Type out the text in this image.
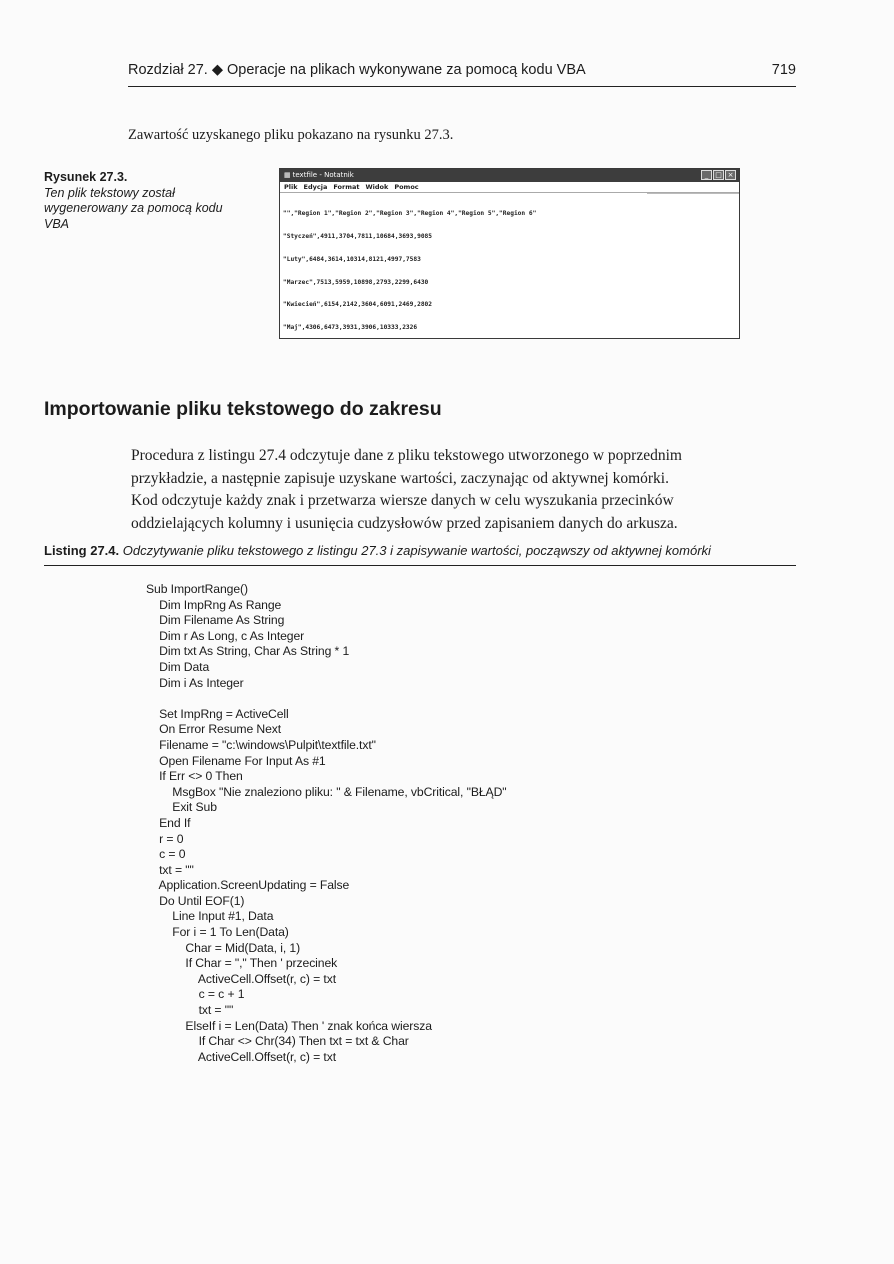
Rozdział 27. ◆ Operacje na plikach wykonywane za pomocą kodu VBA	719
Zawartość uzyskanego pliku pokazano na rysunku 27.3.
Rysunek 27.3.
Ten plik tekstowy został wygenerowany za pomocą kodu VBA
▦ textfile - Notatnik	_ □ ×
Plik Edycja Format Widok Pomoc

"","Region 1","Region 2","Region 3","Region 4","Region 5","Region 6"

"Styczeń",4911,3704,7811,10684,3693,9085

"Luty",6484,3614,10314,8121,4997,7583

"Marzec",7513,5959,10898,2793,2299,6430

"Kwiecień",6154,2142,3604,6091,2469,2802

"Maj",4306,6473,3931,3906,10333,2326

Importowanie pliku tekstowego do zakresu
Procedura z listingu 27.4 odczytuje dane z pliku tekstowego utworzonego w poprzednim
przykładzie, a następnie zapisuje uzyskane wartości, zaczynając od aktywnej komórki.
Kod odczytuje każdy znak i przetwarza wiersze danych w celu wyszukania przecinków
oddzielających kolumny i usunięcia cudzysłowów przed zapisaniem danych do arkusza.
Listing 27.4. Odczytywanie pliku tekstowego z listingu 27.3 i zapisywanie wartości, począwszy od aktywnej komórki
Sub ImportRange()
Dim ImpRng As Range
Dim Filename As String
Dim r As Long, c As Integer
Dim txt As String, Char As String * 1
Dim Data
Dim i As Integer
Set ImpRng = ActiveCell
On Error Resume Next
Filename = "c:\windows\Pulpit\textfile.txt"
Open Filename For Input As #1
If Err <> 0 Then
MsgBox "Nie znaleziono pliku: " & Filename, vbCritical, "BŁĄD"
Exit Sub
End If
r = 0
c = 0
txt = ""
Application.ScreenUpdating = False
Do Until EOF(1)
Line Input #1, Data
For i = 1 To Len(Data)
Char = Mid(Data, i, 1)
If Char = "," Then ' przecinek
ActiveCell.Offset(r, c) = txt
c = c + 1
txt = ""
ElseIf i = Len(Data) Then ' znak końca wiersza
If Char <> Chr(34) Then txt = txt & Char
ActiveCell.Offset(r, c) = txt
